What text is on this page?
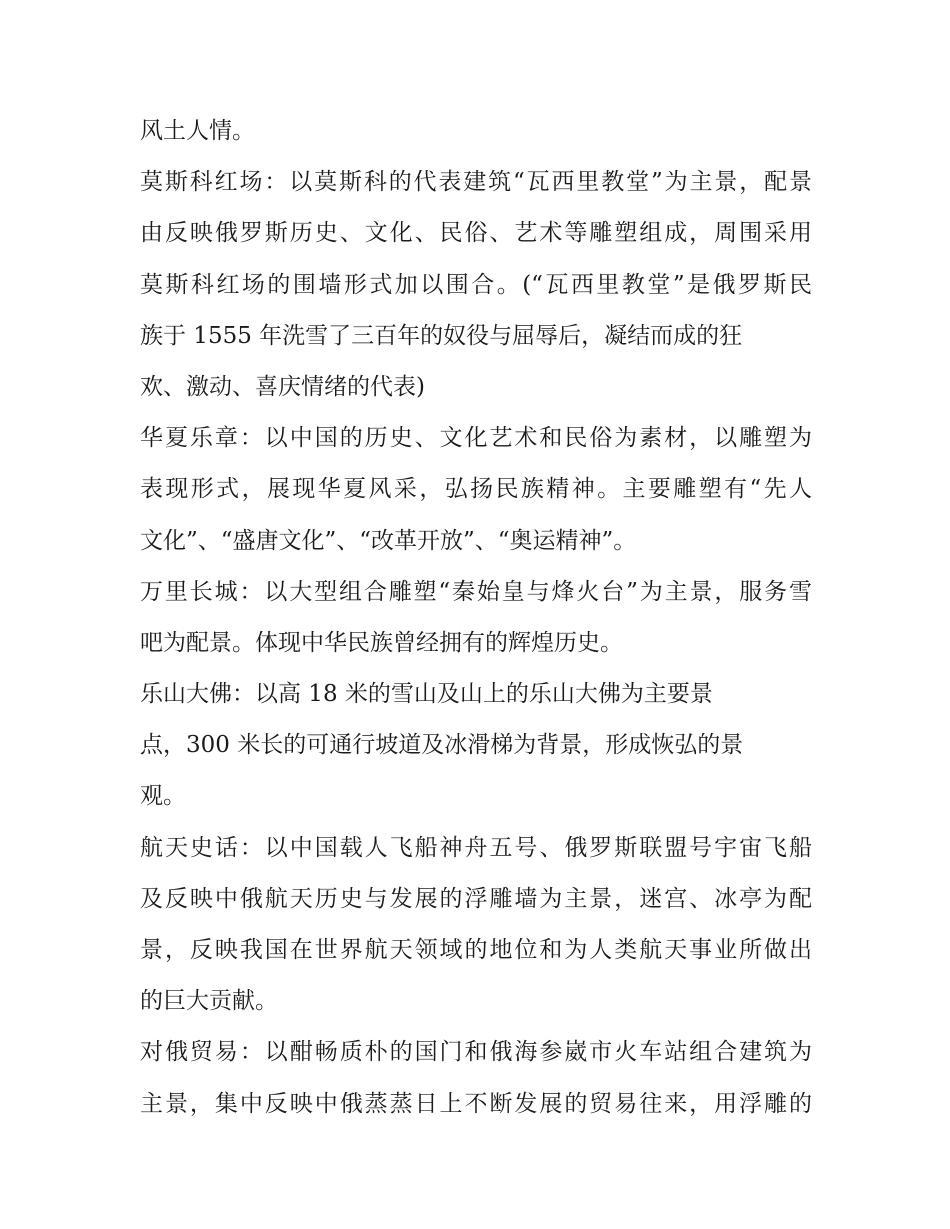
风土人情。
莫斯科红场：以莫斯科的代表建筑“瓦西里教堂”为主景，配景
由反映俄罗斯历史、文化、民俗、艺术等雕塑组成，周围采用
莫斯科红场的围墙形式加以围合。(“瓦西里教堂”是俄罗斯民
族于 1555 年洗雪了三百年的奴役与屈辱后，凝结而成的狂
欢、激动、喜庆情绪的代表)
华夏乐章：以中国的历史、文化艺术和民俗为素材，以雕塑为
表现形式，展现华夏风采，弘扬民族精神。主要雕塑有“先人
文化”、“盛唐文化”、“改革开放”、“奥运精神”。
万里长城：以大型组合雕塑“秦始皇与烽火台”为主景，服务雪
吧为配景。体现中华民族曾经拥有的辉煌历史。
乐山大佛：以高 18 米的雪山及山上的乐山大佛为主要景
点，300 米长的可通行坡道及冰滑梯为背景，形成恢弘的景
观。
航天史话：以中国载人飞船神舟五号、俄罗斯联盟号宇宙飞船
及反映中俄航天历史与发展的浮雕墙为主景，迷宫、冰亭为配
景，反映我国在世界航天领域的地位和为人类航天事业所做出
的巨大贡献。
对俄贸易：以酣畅质朴的国门和俄海参崴市火车站组合建筑为
主景，集中反映中俄蒸蒸日上不断发展的贸易往来，用浮雕的
